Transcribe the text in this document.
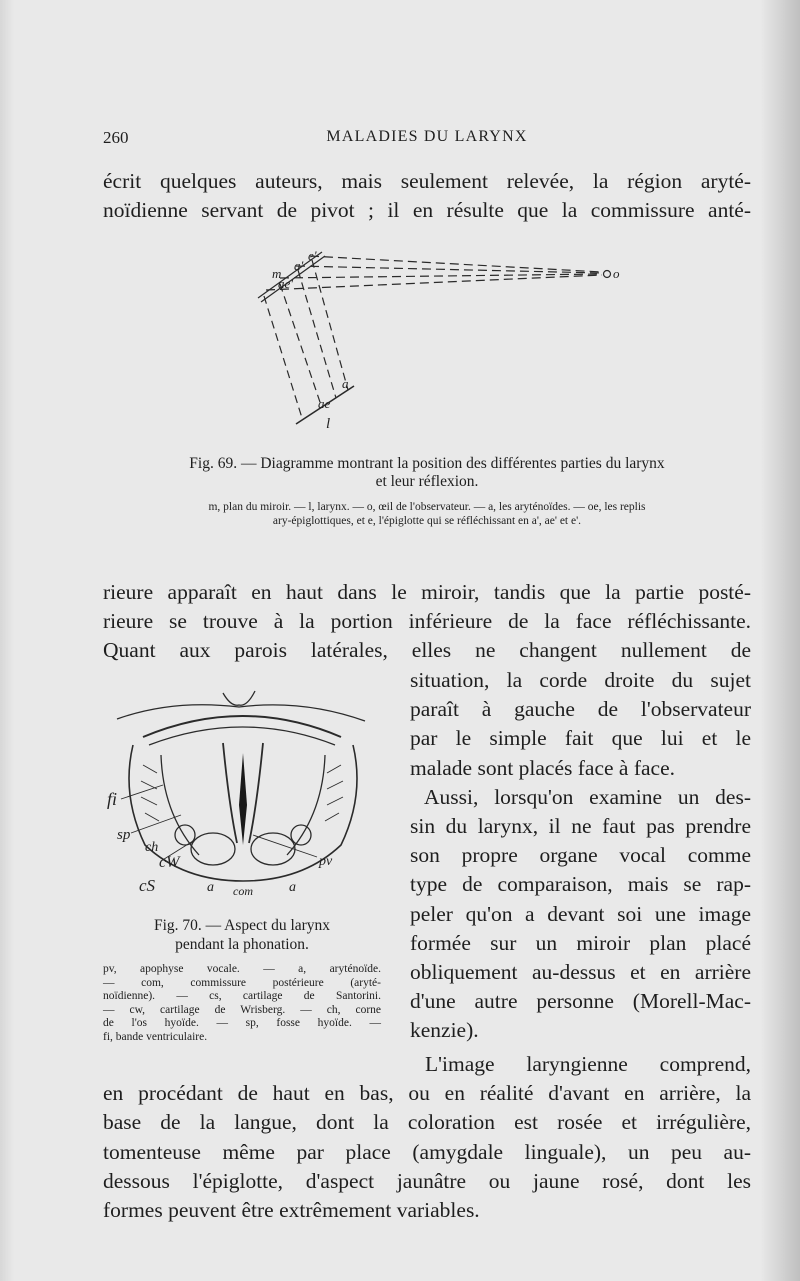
260	MALADIES DU LARYNX
écrit quelques auteurs, mais seulement relevée, la région aryté-
noïdienne servant de pivot ; il en résulte que la commissure anté-
m
a'
ae'
e'
o
a
ae
l
Fig. 69. — Diagramme montrant la position des différentes parties du larynx
et leur réflexion.
m, plan du miroir. — l, larynx. — o, œil de l'observateur. — a, les aryténoïdes. — oe, les replis
ary-épiglottiques, et e, l'épiglotte qui se réfléchissant en a', ae' et e'.
rieure apparaît en haut dans le miroir, tandis que la partie posté-
rieure se trouve à la portion inférieure de la face réfléchissante.
Quant aux parois latérales, elles ne changent nullement de
situation, la corde droite du sujet
paraît à gauche de l'observateur
par le simple fait que lui et le
malade sont placés face à face.
Aussi, lorsqu'on examine un des-
sin du larynx, il ne faut pas prendre
son propre organe vocal comme
type de comparaison, mais se rap-
peler qu'on a devant soi une image
formée sur un miroir plan placé
obliquement au-dessus et en arrière
d'une autre personne (Morell-Mac-
kenzie).
fi
sp
ch
cW
cS	a com	a
pv
Fig. 70. — Aspect du larynx
pendant la phonation.
pv, apophyse vocale. — a, aryténoïde.
— com, commissure postérieure (aryté-
noïdienne). — cs, cartilage de Santorini.
— cw, cartilage de Wrisberg. — ch, corne
de l'os hyoïde. — sp, fosse hyoïde. —
fi, bande ventriculaire.
L'image laryngienne comprend,
en procédant de haut en bas, ou en réalité d'avant en arrière, la
base de la langue, dont la coloration est rosée et irrégulière,
tomenteuse même par place (amygdale linguale), un peu au-
dessous l'épiglotte, d'aspect jaunâtre ou jaune rosé, dont les
formes peuvent être extrêmement variables.
